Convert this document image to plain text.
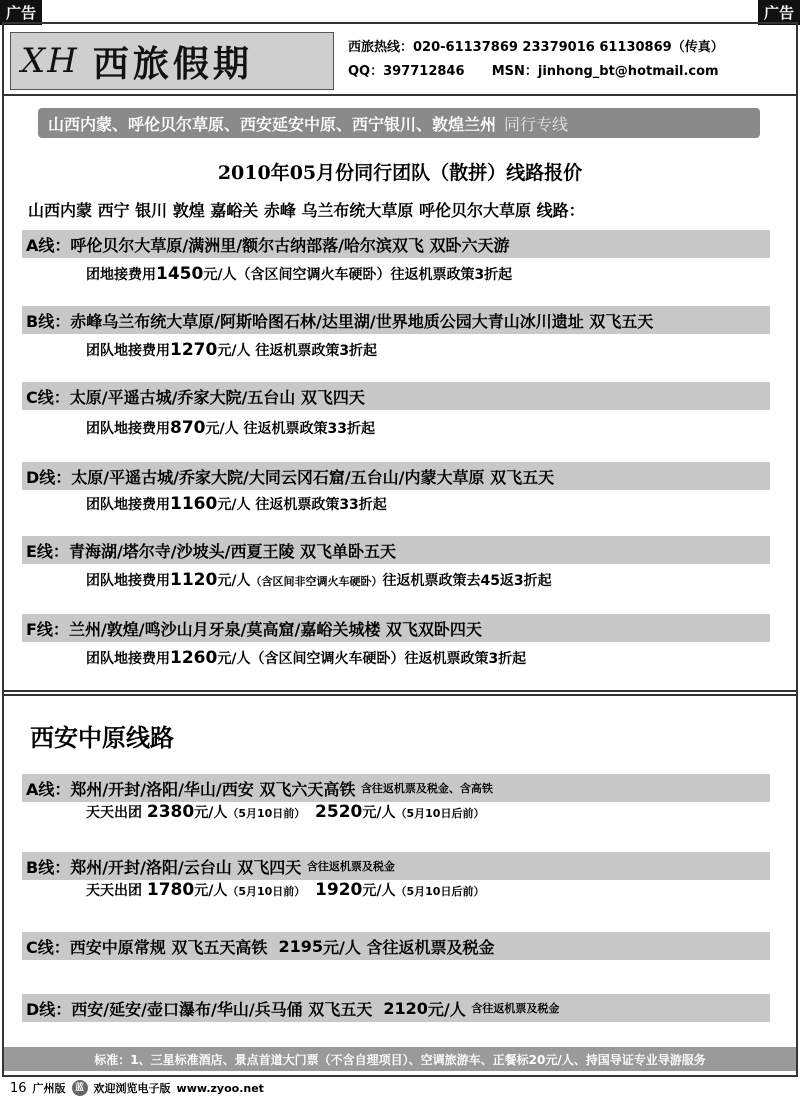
广告	广告
XH 西旅假期	西旅热线：020-61137869 23379016 61130869（传真）
QQ：397712846 MSN：jinhong_bt@hotmail.com
山西内蒙、呼伦贝尔草原、西安延安中原、西宁银川、敦煌兰州 同行专线
2010年05月份同行团队（散拼）线路报价
山西内蒙 西宁 银川 敦煌 嘉峪关 赤峰 乌兰布统大草原 呼伦贝尔大草原 线路：
A线： 呼伦贝尔大草原/满洲里/额尔古纳部落/哈尔滨双飞 双卧六天游
团地接费用1450元/人（含区间空调火车硬卧）往返机票政策3折起
B线： 赤峰乌兰布统大草原/阿斯哈图石林/达里湖/世界地质公园大青山冰川遗址 双飞五天
团队地接费用1270元/人 往返机票政策3折起
C线： 太原/平遥古城/乔家大院/五台山 双飞四天
团队地接费用870元/人 往返机票政策33折起
D线： 太原/平遥古城/乔家大院/大同云冈石窟/五台山/内蒙大草原 双飞五天
团队地接费用1160元/人 往返机票政策33折起
E线： 青海湖/塔尔寺/沙坡头/西夏王陵 双飞单卧五天
团队地接费用1120元/人（含区间非空调火车硬卧）往返机票政策去45返3折起
F线： 兰州/敦煌/鸣沙山月牙泉/莫高窟/嘉峪关城楼 双飞双卧四天
团队地接费用1260元/人（含区间空调火车硬卧）往返机票政策3折起
西安中原线路
A线： 郑州/开封/洛阳/华山/西安 双飞六天高铁
含往返机票及税金、含高铁
天天出团 2380元/人（5月10日前） 2520元/人（5月10日后前）
B线： 郑州/开封/洛阳/云台山 双飞四天
含往返机票及税金
天天出团 1780元/人（5月10日前） 1920元/人（5月10日后前）
C线： 西安中原常规 双飞五天高铁
2195 元/人
含往返机票及税金
D线： 西安/延安/壶口瀑布/华山/兵马俑 双飞五天
2120 元/人
含往返机票及税金
标准：1、三星标准酒店、景点首道大门票（不含自理项目）、空调旅游车、正餐标20元/人、持国导证专业导游服务
16 广州版	蓝 欢迎浏览电子版 www.zyoo.net
